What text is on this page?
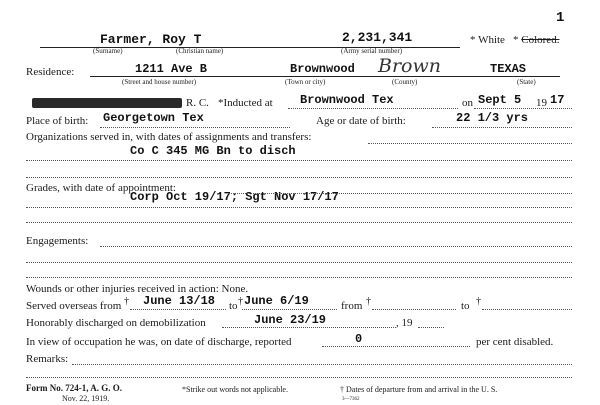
1
Farmer, Roy T	2,231,341	* White * Colored.
(Surname)	(Christian name)	(Army serial number)
Residence:	1211 Ave B	Brownwood Brown	TEXAS
(Street and house number)	(Town or city)	(County)	(State)
R. C. *Inducted at Brownwood Tex	on Sept 5 19 17
Place of birth: Georgetown Tex	Age or date of birth:	22 1/3 yrs
Organizations served in, with dates of assignments and transfers:
Co C 345 MG Bn to disch
Grades, with date of appointment:
Corp Oct 19/17; Sgt Nov 17/17
Engagements:
Wounds or other injuries received in action: None.
Served overseas from † June 13/18 to † June 6/19	from †	to †
Honorably discharged on demobilization	June 23/19	, 19
In view of occupation he was, on date of discharge, reported	0	per cent disabled.
Remarks:
Form No. 724-1, A. G. O.
Nov. 22, 1919.
*Strike out words not applicable.	† Dates of departure from and arrival in the U. S.
3—7362
